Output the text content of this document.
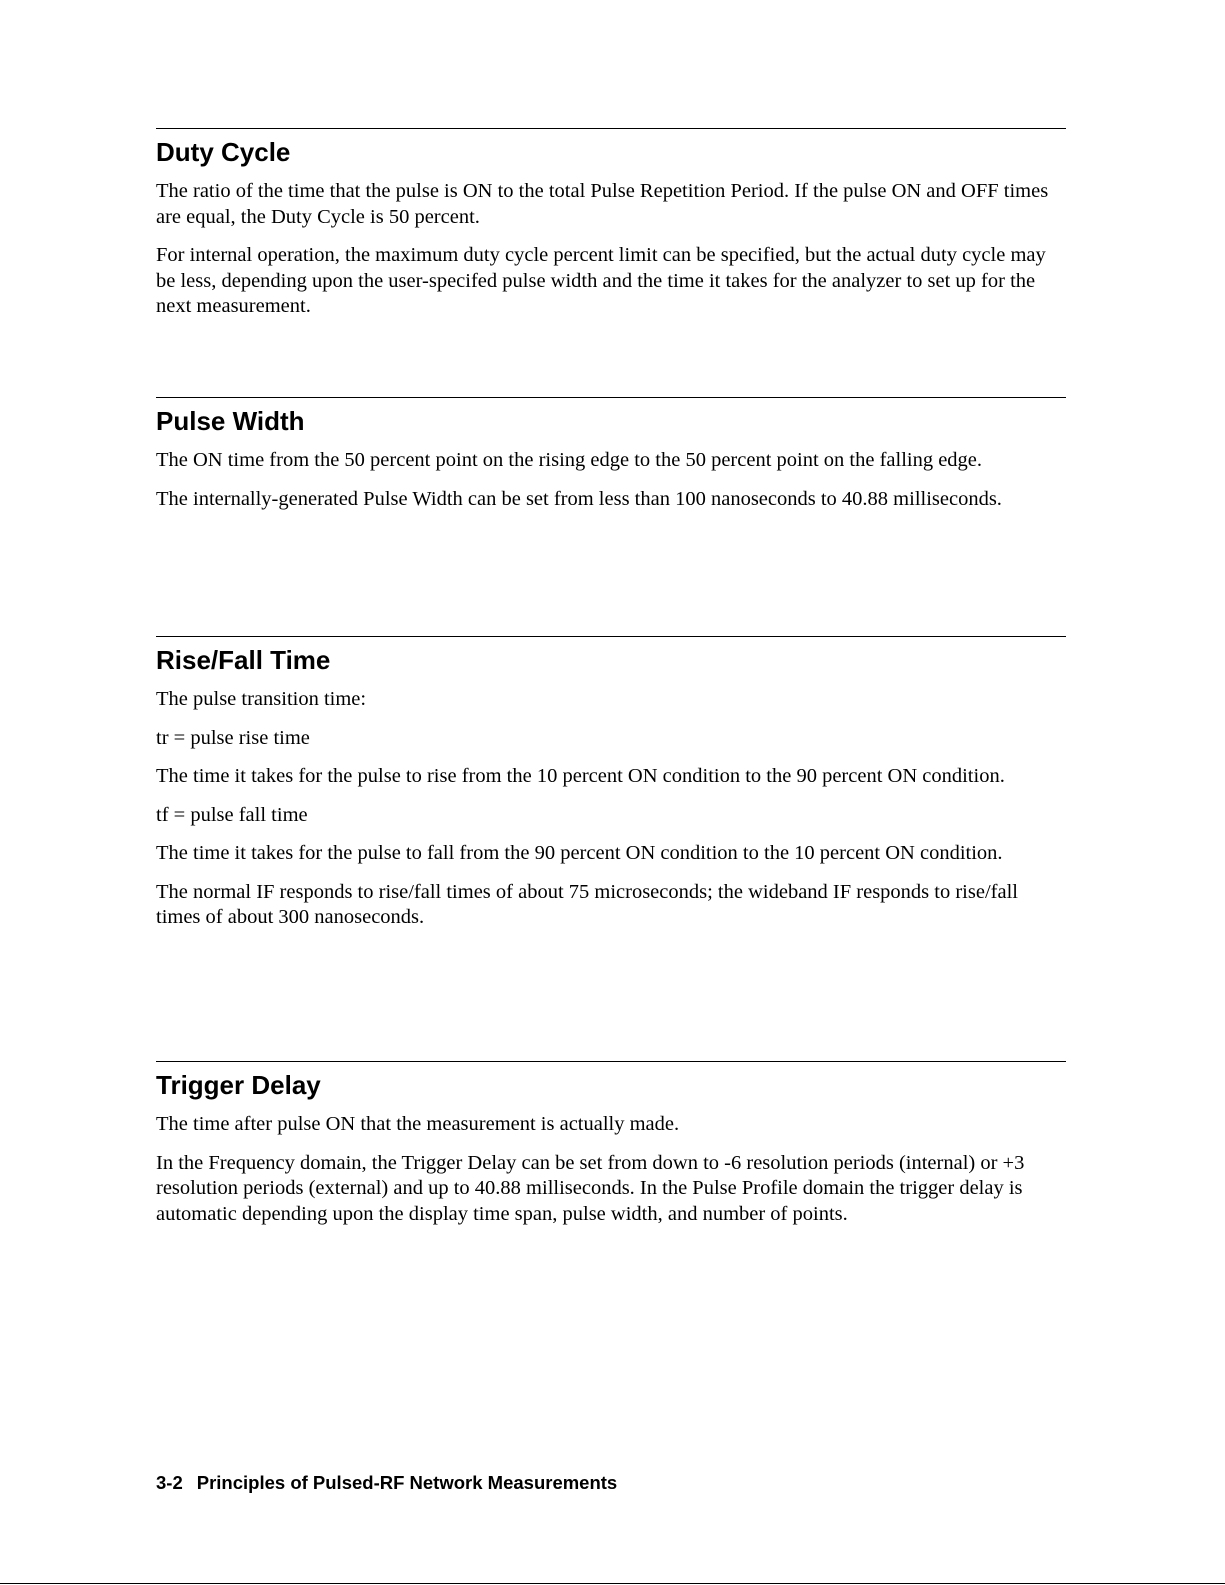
Duty Cycle

The ratio of the time that the pulse is ON to the total Pulse Repetition Period. If the pulse ON and OFF times are equal, the Duty Cycle is 50 percent.

For internal operation, the maximum duty cycle percent limit can be specified, but the actual duty cycle may be less, depending upon the user-specifed pulse width and the time it takes for the analyzer to set up for the next measurement.

Pulse Width

The ON time from the 50 percent point on the rising edge to the 50 percent point on the falling edge.

The internally-generated Pulse Width can be set from less than 100 nanoseconds to 40.88 milliseconds.

Rise/Fall Time

The pulse transition time:

tr = pulse rise time

The time it takes for the pulse to rise from the 10 percent ON condition to the 90 percent ON condition.

tf = pulse fall time

The time it takes for the pulse to fall from the 90 percent ON condition to the 10 percent ON condition.

The normal IF responds to rise/fall times of about 75 microseconds; the wideband IF responds to rise/fall times of about 300 nanoseconds.

Trigger Delay

The time after pulse ON that the measurement is actually made.

In the Frequency domain, the Trigger Delay can be set from down to -6 resolution periods (internal) or +3 resolution periods (external) and up to 40.88 milliseconds. In the Pulse Profile domain the trigger delay is automatic depending upon the display time span, pulse width, and number of points.

3-2 Principles of Pulsed-RF Network Measurements
